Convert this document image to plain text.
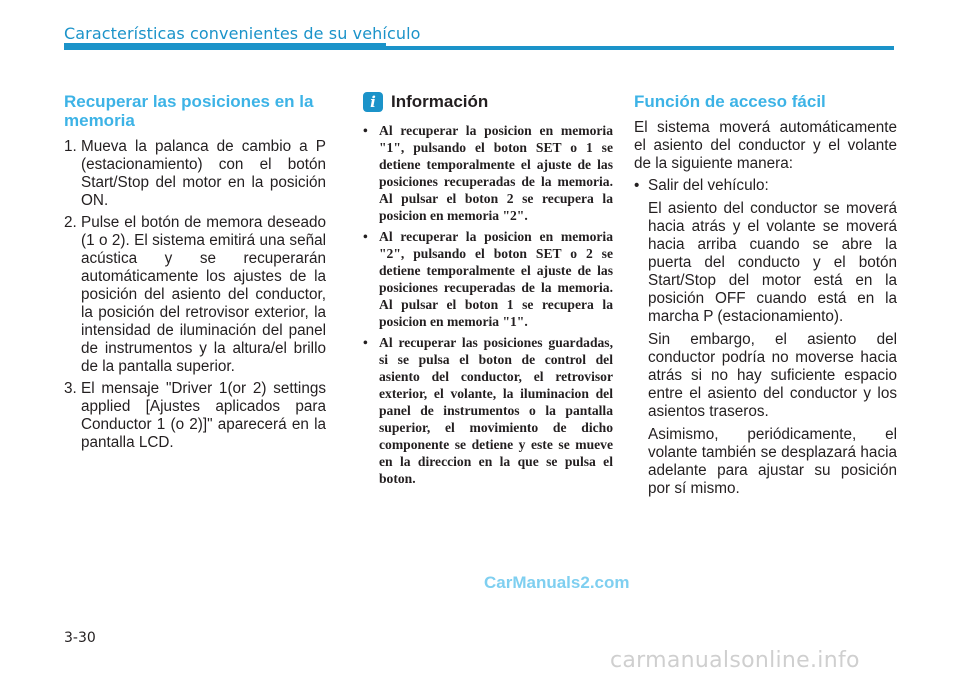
Características convenientes de su vehículo
Recuperar las posiciones en la memoria
1. Mueva la palanca de cambio a P (estacionamiento) con el botón Start/Stop del motor en la posición ON.
2. Pulse el botón de memora deseado (1 o 2). El sistema emitirá una señal acústica y se recuperarán automáticamente los ajustes de la posición del asiento del conductor, la posición del retrovisor exterior, la intensidad de iluminación del panel de instrumentos y la altura/el brillo de la pantalla superior.
3. El mensaje "Driver 1(or 2) settings applied [Ajustes aplicados para Conductor 1 (o 2)]" aparecerá en la pantalla LCD.
i Información
• Al recuperar la posicion en memoria "1", pulsando el boton SET o 1 se detiene temporalmente el ajuste de las posiciones recuperadas de la memoria. Al pulsar el boton 2 se recupera la posicion en memoria "2".
• Al recuperar la posicion en memoria "2", pulsando el boton SET o 2 se detiene temporalmente el ajuste de las posiciones recuperadas de la memoria. Al pulsar el boton 1 se recupera la posicion en memoria "1".
• Al recuperar las posiciones guardadas, si se pulsa el boton de control del asiento del conductor, el retrovisor exterior, el volante, la iluminacion del panel de instrumentos o la pantalla superior, el movimiento de dicho componente se detiene y este se mueve en la direccion en la que se pulsa el boton.
Función de acceso fácil

El sistema moverá automáticamente el asiento del conductor y el volante de la siguiente manera:

• Salir del vehículo:
El asiento del conductor se moverá hacia atrás y el volante se moverá hacia arriba cuando se abre la puerta del conducto y el botón Start/Stop del motor está en la posición OFF cuando está en la marcha P (estacionamiento).
Sin embargo, el asiento del conductor podría no moverse hacia atrás si no hay suficiente espacio entre el asiento del conductor y los asientos traseros.
Asimismo, periódicamente, el volante también se desplazará hacia adelante para ajustar su posición por sí mismo.
CarManuals2.com
3-30
carmanualsonline.info
